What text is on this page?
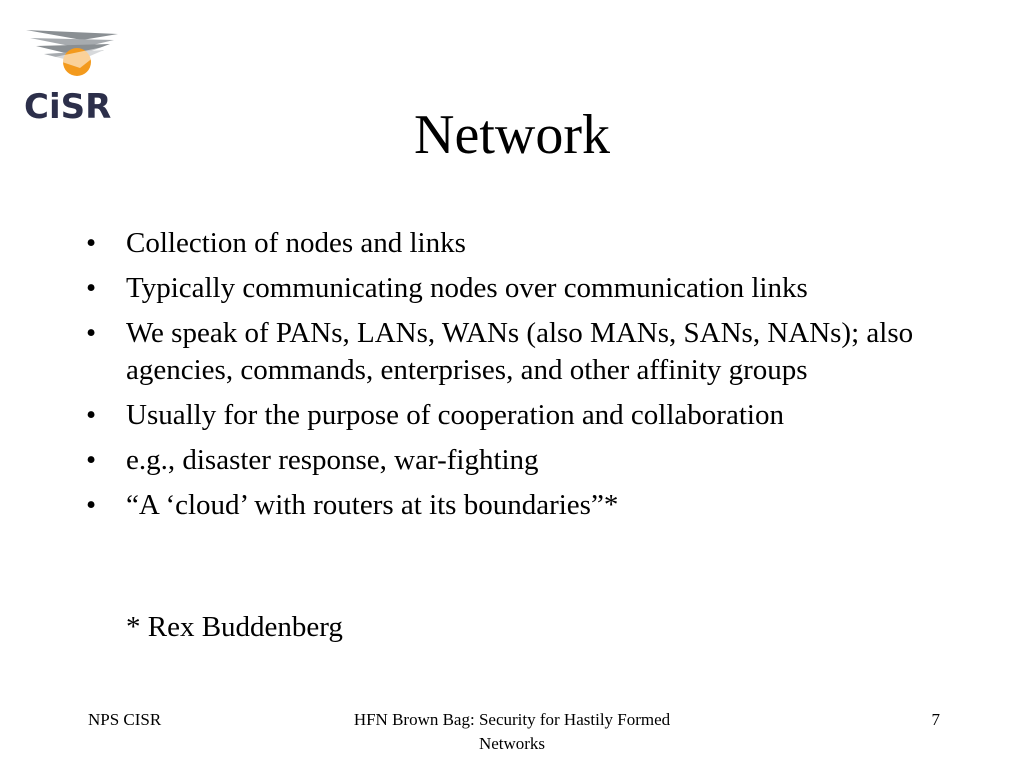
CiSR	Network
• Collection of nodes and links
• Typically communicating nodes over communication links
• We speak of PANs, LANs, WANs (also MANs, SANs, NANs); also agencies, commands, enterprises, and other affinity groups
• Usually for the purpose of cooperation and collaboration
• e.g., disaster response, war-fighting
• “A ‘cloud’ with routers at its boundaries”*
* Rex Buddenberg
NPS CISR	HFN Brown Bag: Security for Hastily Formed Networks
7
